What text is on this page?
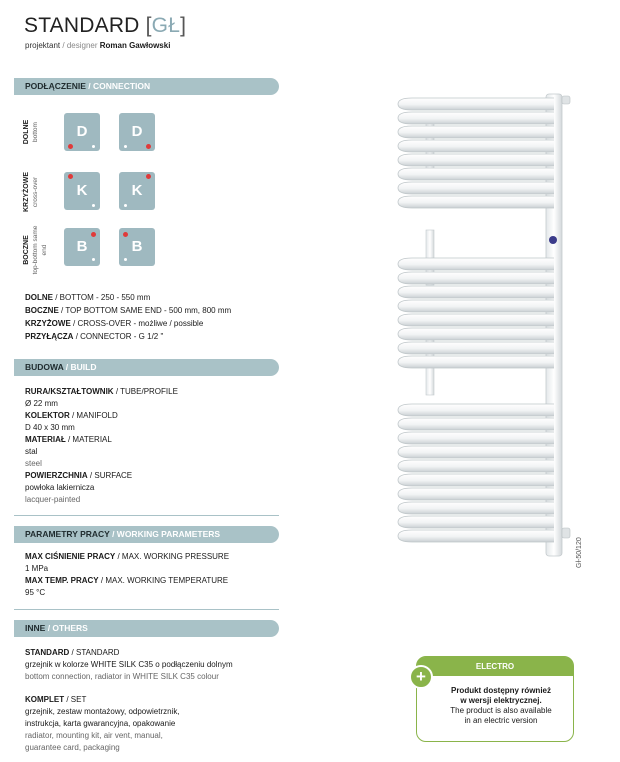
STANDARD [GŁ]
projektant / designer Roman Gawłowski
PODŁĄCZENIE / CONNECTION
DOLNE bottom	D	D
KRZYŻOWE cross-over	K	K
BOCZNE top-bottom same end	B	B
DOLNE / BOTTOM - 250 - 550 mm
BOCZNE / TOP BOTTOM SAME END - 500 mm, 800 mm
KRZYŻOWE / CROSS-OVER - możliwe / possible
PRZYŁĄCZA / CONNECTOR - G 1/2 "
BUDOWA / BUILD
RURA/KSZTAŁTOWNIK / TUBE/PROFILE
Ø 22 mm
KOLEKTOR / MANIFOLD
D 40 x 30 mm
MATERIAŁ / MATERIAL
stal
steel
POWIERZCHNIA / SURFACE
powłoka lakiernicza
lacquer-painted
PARAMETRY PRACY / WORKING PARAMETERS
MAX CIŚNIENIE PRACY / MAX. WORKING PRESSURE
1 MPa
MAX TEMP. PRACY / MAX. WORKING TEMPERATURE
95 °C
INNE / OTHERS
STANDARD / STANDARD
grzejnik w kolorze WHITE SILK C35 o podłączeniu dolnym
bottom connection, radiator in WHITE SILK C35 colour
KOMPLET / SET
grzejnik, zestaw montażowy, odpowietrznik,
instrukcja, karta gwarancyjna, opakowanie
radiator, mounting kit, air vent, manual,
guarantee card, packaging
Gł-50/120
ELECTRO
+
Produkt dostępny również
w wersji elektrycznej.
The product is also available
in an electric version
